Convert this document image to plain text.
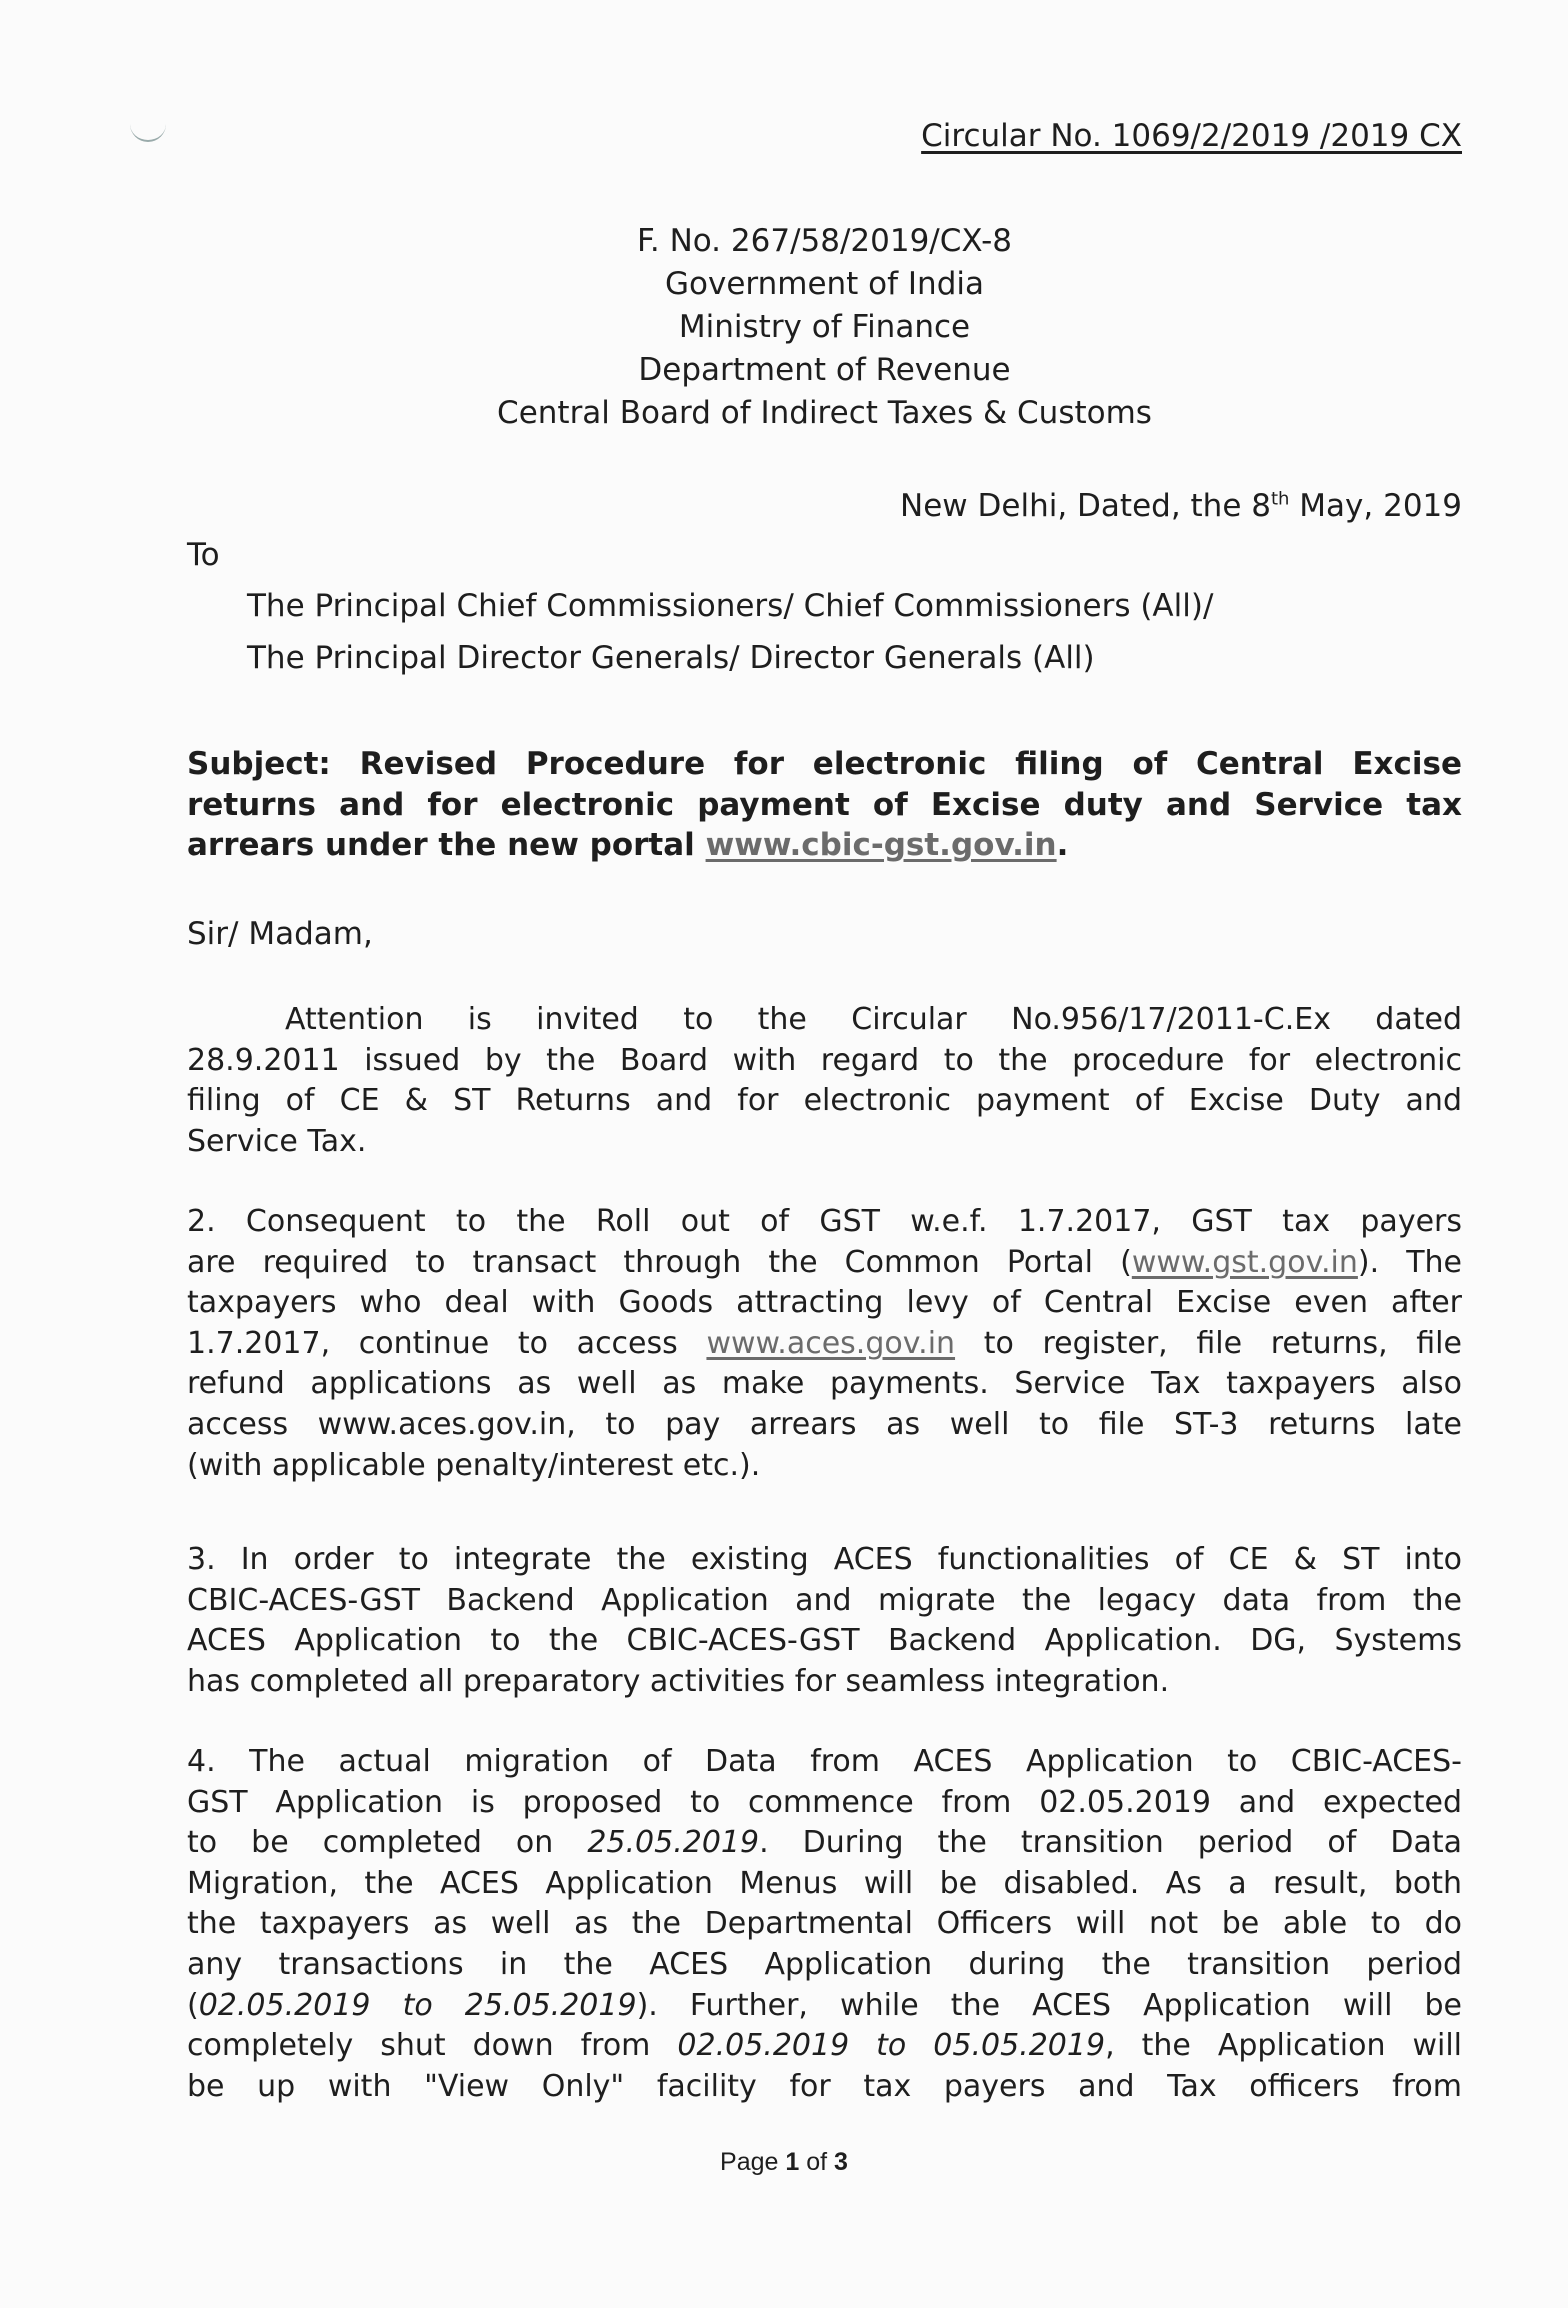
Circular No. 1069/2/2019 /2019 CX
F. No. 267/58/2019/CX-8
Government of India
Ministry of Finance
Department of Revenue
Central Board of Indirect Taxes & Customs
New Delhi, Dated, the 8th May, 2019
To
The Principal Chief Commissioners/ Chief Commissioners (All)/
The Principal Director Generals/ Director Generals (All)
Subject: Revised Procedure for electronic filing of Central Excise
returns and for electronic payment of Excise duty and Service tax
arrears under the new portal www.cbic-gst.gov.in.
Sir/ Madam,
Attention is invited to the Circular No.956/17/2011-C.Ex dated
28.9.2011 issued by the Board with regard to the procedure for electronic
filing of CE & ST Returns and for electronic payment of Excise Duty and
Service Tax.
2. Consequent to the Roll out of GST w.e.f. 1.7.2017, GST tax payers
are required to transact through the Common Portal (www.gst.gov.in). The
taxpayers who deal with Goods attracting levy of Central Excise even after
1.7.2017, continue to access www.aces.gov.in to register, file returns, file
refund applications as well as make payments. Service Tax taxpayers also
access www.aces.gov.in, to pay arrears as well to file ST-3 returns late
(with applicable penalty/interest etc.).
3. In order to integrate the existing ACES functionalities of CE & ST into
CBIC-ACES-GST Backend Application and migrate the legacy data from the
ACES Application to the CBIC-ACES-GST Backend Application. DG, Systems
has completed all preparatory activities for seamless integration.
4. The actual migration of Data from ACES Application to CBIC-ACES-
GST Application is proposed to commence from 02.05.2019 and expected
to be completed on 25.05.2019. During the transition period of Data
Migration, the ACES Application Menus will be disabled. As a result, both
the taxpayers as well as the Departmental Officers will not be able to do
any transactions in the ACES Application during the transition period
(02.05.2019 to 25.05.2019). Further, while the ACES Application will be
completely shut down from 02.05.2019 to 05.05.2019, the Application will
be up with "View Only" facility for tax payers and Tax officers from
Page 1 of 3
